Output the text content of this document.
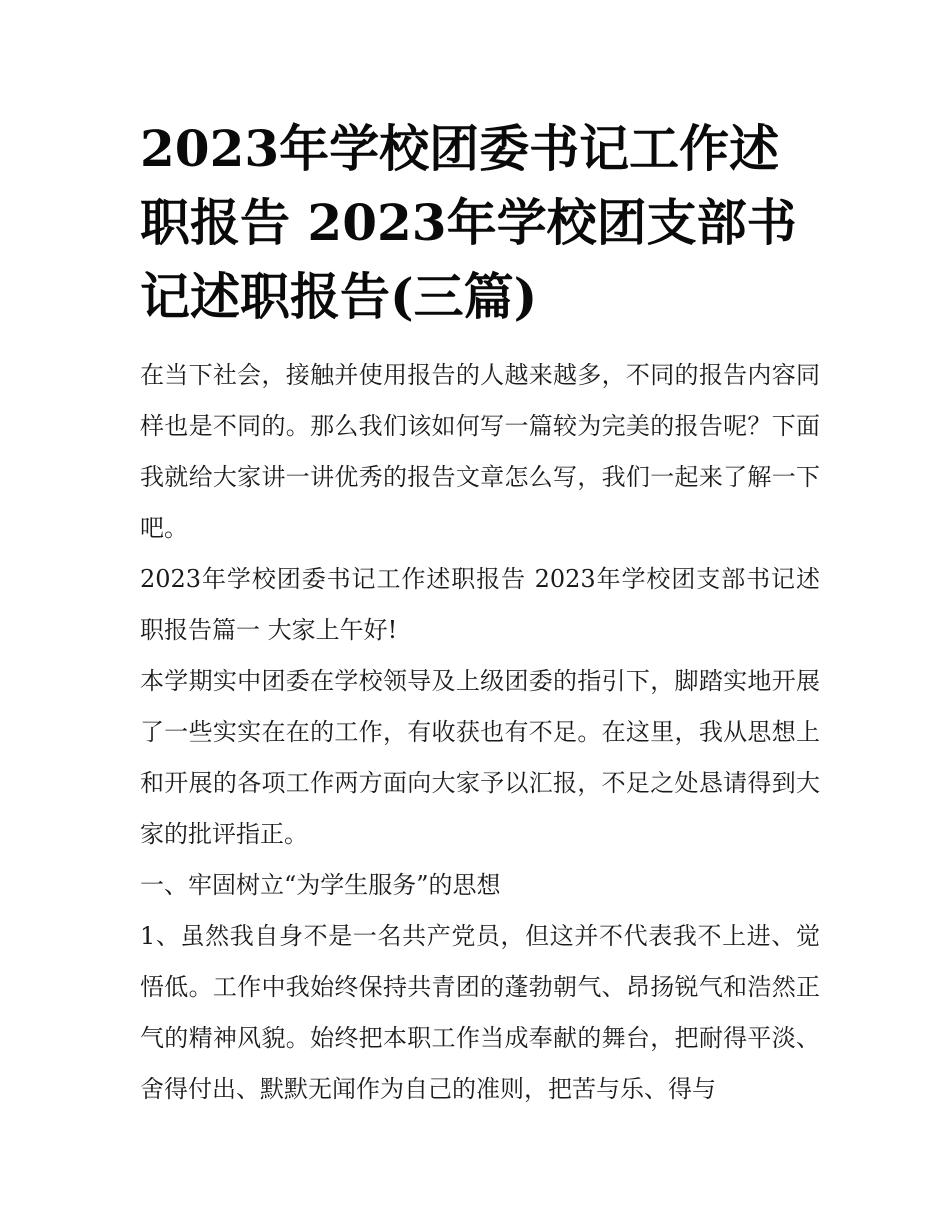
2023年学校团委书记工作述职报告 2023年学校团支部书记述职报告(三篇)

在当下社会，接触并使用报告的人越来越多，不同的报告内容同样也是不同的。那么我们该如何写一篇较为完美的报告呢？下面我就给大家讲一讲优秀的报告文章怎么写，我们一起来了解一下吧。

2023年学校团委书记工作述职报告 2023年学校团支部书记述职报告篇一 大家上午好!

本学期实中团委在学校领导及上级团委的指引下，脚踏实地开展了一些实实在在的工作，有收获也有不足。在这里，我从思想上和开展的各项工作两方面向大家予以汇报，不足之处恳请得到大家的批评指正。

一、牢固树立“为学生服务”的思想

1、虽然我自身不是一名共产党员，但这并不代表我不上进、觉悟低。工作中我始终保持共青团的蓬勃朝气、昂扬锐气和浩然正气的精神风貌。始终把本职工作当成奉献的舞台，把耐得平淡、舍得付出、默默无闻作为自己的准则，把苦与乐、得与
